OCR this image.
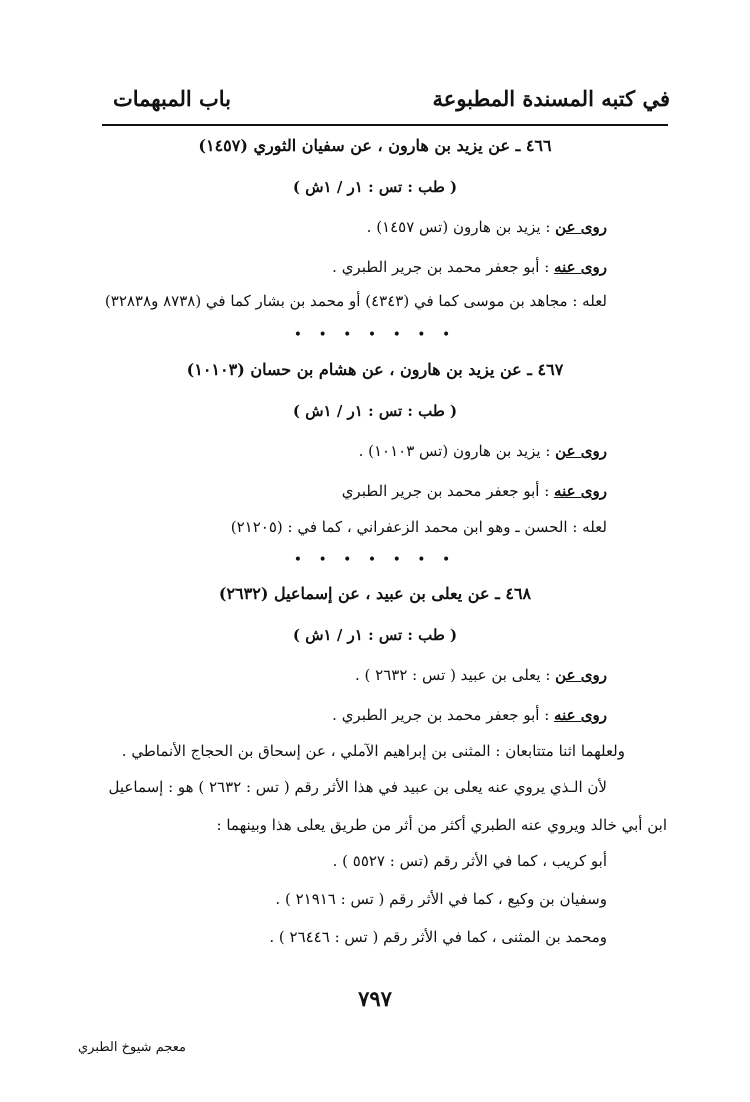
في كتبه المسندة المطبوعة
باب المبهمات
٤٦٦ ـ عن يزيد بن هارون ، عن سفيان الثوري (١٤٥٧)
( طب : تس : ١ر / ١ش )
روى عن : يزيد بن هارون (تس ١٤٥٧) .
روى عنه : أبو جعفر محمد بن جرير الطبري .
لعله : مجاهد بن موسى كما في (٤٣٤٣) أو محمد بن بشار كما في (٨٧٣٨ و٣٢٨٣٨)
• • • • • • •
٤٦٧ ـ عن يزيد بن هارون ، عن هشام بن حسان (١٠١٠٣)
( طب : تس : ١ر / ١ش )
روى عن : يزيد بن هارون (تس ١٠١٠٣) .
روى عنه : أبو جعفر محمد بن جرير الطبري
لعله : الحسن ـ وهو ابن محمد الزعفراني ، كما في : (٢١٢٠٥)
• • • • • • •
٤٦٨ ـ عن يعلى بن عبيد ، عن إسماعيل (٢٦٣٢)
( طب : تس : ١ر / ١ش )
روى عن : يعلى بن عبيد ( تس : ٢٦٣٢ ) .
روى عنه : أبو جعفر محمد بن جرير الطبري .
ولعلهما اثنا متتابعان : المثنى بن إبراهيم الآملي ، عن إسحاق بن الحجاج الأنماطي .
لأن الـذي يروي عنه يعلى بن عبيد في هذا الأثر رقم ( تس : ٢٦٣٢ ) هو : إسماعيل
ابن أبي خالد ويروي عنه الطبري أكثر من أثر من طريق يعلى هذا وبينهما :
أبو كريب ، كما في الأثر رقم (تس : ٥٥٢٧ ) .
وسفيان بن وكيع ، كما في الأثر رقم ( تس : ٢١٩١٦ ) .
ومحمد بن المثنى ، كما في الأثر رقم ( تس : ٢٦٤٤٦ ) .
٧٩٧
معجم شيوخ الطبري
